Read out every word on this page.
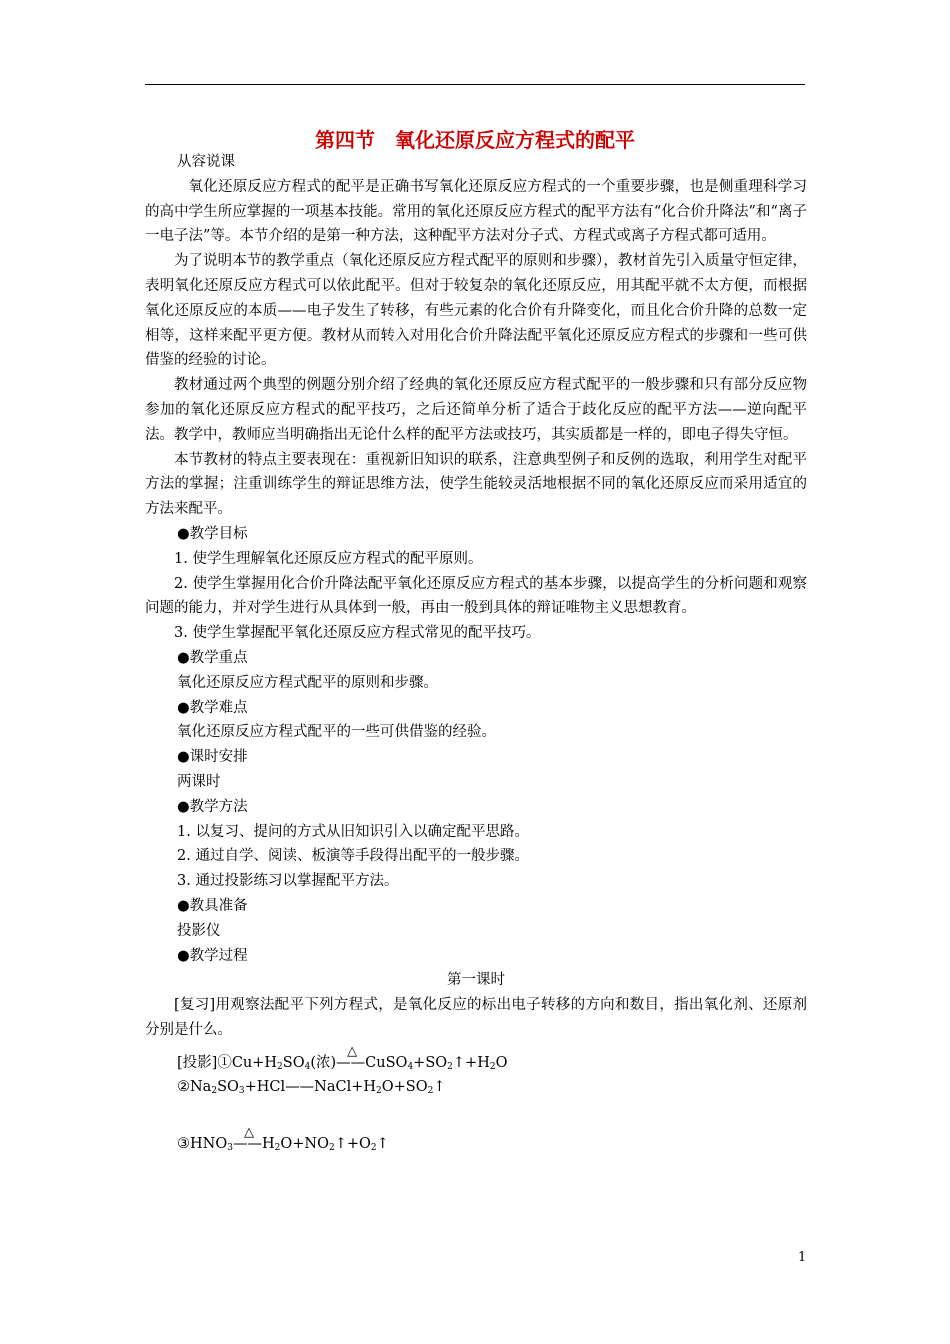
第四节　氧化还原反应方程式的配平

从容说课

氧化还原反应方程式的配平是正确书写氧化还原反应方程式的一个重要步骤，也是侧重理科学习的高中学生所应掌握的一项基本技能。常用的氧化还原反应方程式的配平方法有“化合价升降法”和“离子一电子法”等。本节介绍的是第一种方法，这种配平方法对分子式、方程式或离子方程式都可适用。

为了说明本节的教学重点（氧化还原反应方程式配平的原则和步骤），教材首先引入质量守恒定律，表明氧化还原反应方程式可以依此配平。但对于较复杂的氧化还原反应，用其配平就不太方便，而根据氧化还原反应的本质——电子发生了转移，有些元素的化合价有升降变化，而且化合价升降的总数一定相等，这样来配平更方便。教材从而转入对用化合价升降法配平氧化还原反应方程式的步骤和一些可供借鉴的经验的讨论。

教材通过两个典型的例题分别介绍了经典的氧化还原反应方程式配平的一般步骤和只有部分反应物参加的氧化还原反应方程式的配平技巧，之后还简单分析了适合于歧化反应的配平方法——逆向配平法。教学中，教师应当明确指出无论什么样的配平方法或技巧，其实质都是一样的，即电子得失守恒。

本节教材的特点主要表现在：重视新旧知识的联系，注意典型例子和反例的选取，利用学生对配平方法的掌握；注重训练学生的辩证思维方法，使学生能较灵活地根据不同的氧化还原反应而采用适宜的方法来配平。

●教学目标

1. 使学生理解氧化还原反应方程式的配平原则。

2. 使学生掌握用化合价升降法配平氧化还原反应方程式的基本步骤，以提高学生的分析问题和观察问题的能力，并对学生进行从具体到一般，再由一般到具体的辩证唯物主义思想教育。

3. 使学生掌握配平氧化还原反应方程式常见的配平技巧。

●教学重点

氧化还原反应方程式配平的原则和步骤。

●教学难点

氧化还原反应方程式配平的一些可供借鉴的经验。

●课时安排

两课时

●教学方法

1. 以复习、提问的方式从旧知识引入以确定配平思路。

2. 通过自学、阅读、板演等手段得出配平的一般步骤。

3. 通过投影练习以掌握配平方法。

●教具准备

投影仪

●教学过程

第一课时

[复习]用观察法配平下列方程式，是氧化反应的标出电子转移的方向和数目，指出氧化剂、还原剂分别是什么。

[投影]$①Cu+H_2SO_4$(浓)
△
$——CuSO_4+SO_2↑+H_2O$

$②Na_2SO_3+HCl——NaCl+H_2O+SO_2↑$

$③HNO_3$
△
$——H_2O+NO_2↑+O_2↑$

1
